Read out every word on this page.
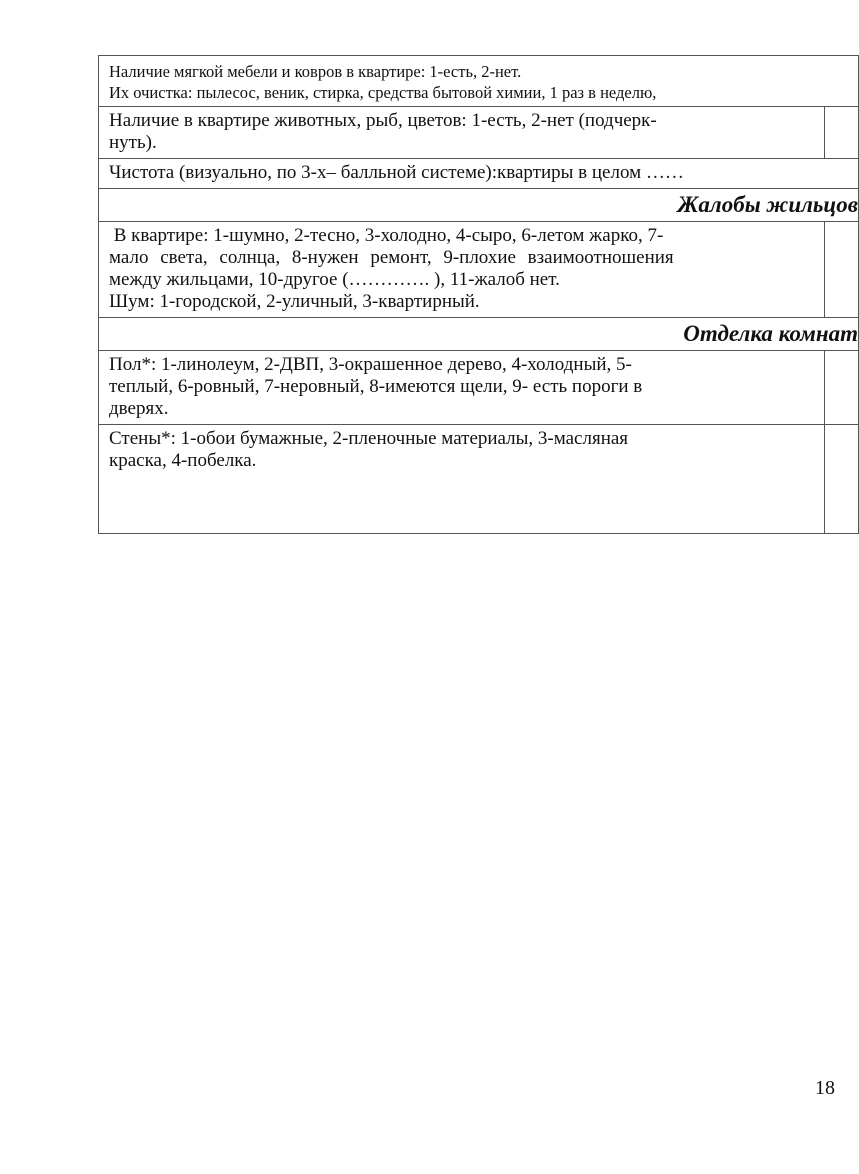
Наличие мягкой мебели и ковров в квартире: 1-есть, 2-нет.
Их очистка: пылесос, веник, стирка, средства бытовой химии, 1 раз в неделю,	

Наличие в квартире животных, рыб, цветов: 1-есть, 2-нет (подчерк-
нуть).	

Чистота (визуально, по 3-х– балльной системе):квартиры в целом ……	

Жалобы жильцов	

В квартире: 1-шумно, 2-тесно, 3-холодно, 4-сыро, 6-летом жарко, 7-
мало света, солнца, 8-нужен ремонт, 9-плохие взаимоотношения
между жильцами, 10-другое (…………. ), 11-жалоб нет.
Шум: 1-городской, 2-уличный, 3-квартирный.	

Отделка комнат	

Пол*: 1-линолеум, 2-ДВП, 3-окрашенное дерево, 4-холодный, 5-
теплый, 6-ровный, 7-неровный, 8-имеются щели, 9- есть пороги в
дверях.	

Стены*: 1-обои бумажные, 2-пленочные материалы, 3-масляная
краска, 4-побелка.	

18
